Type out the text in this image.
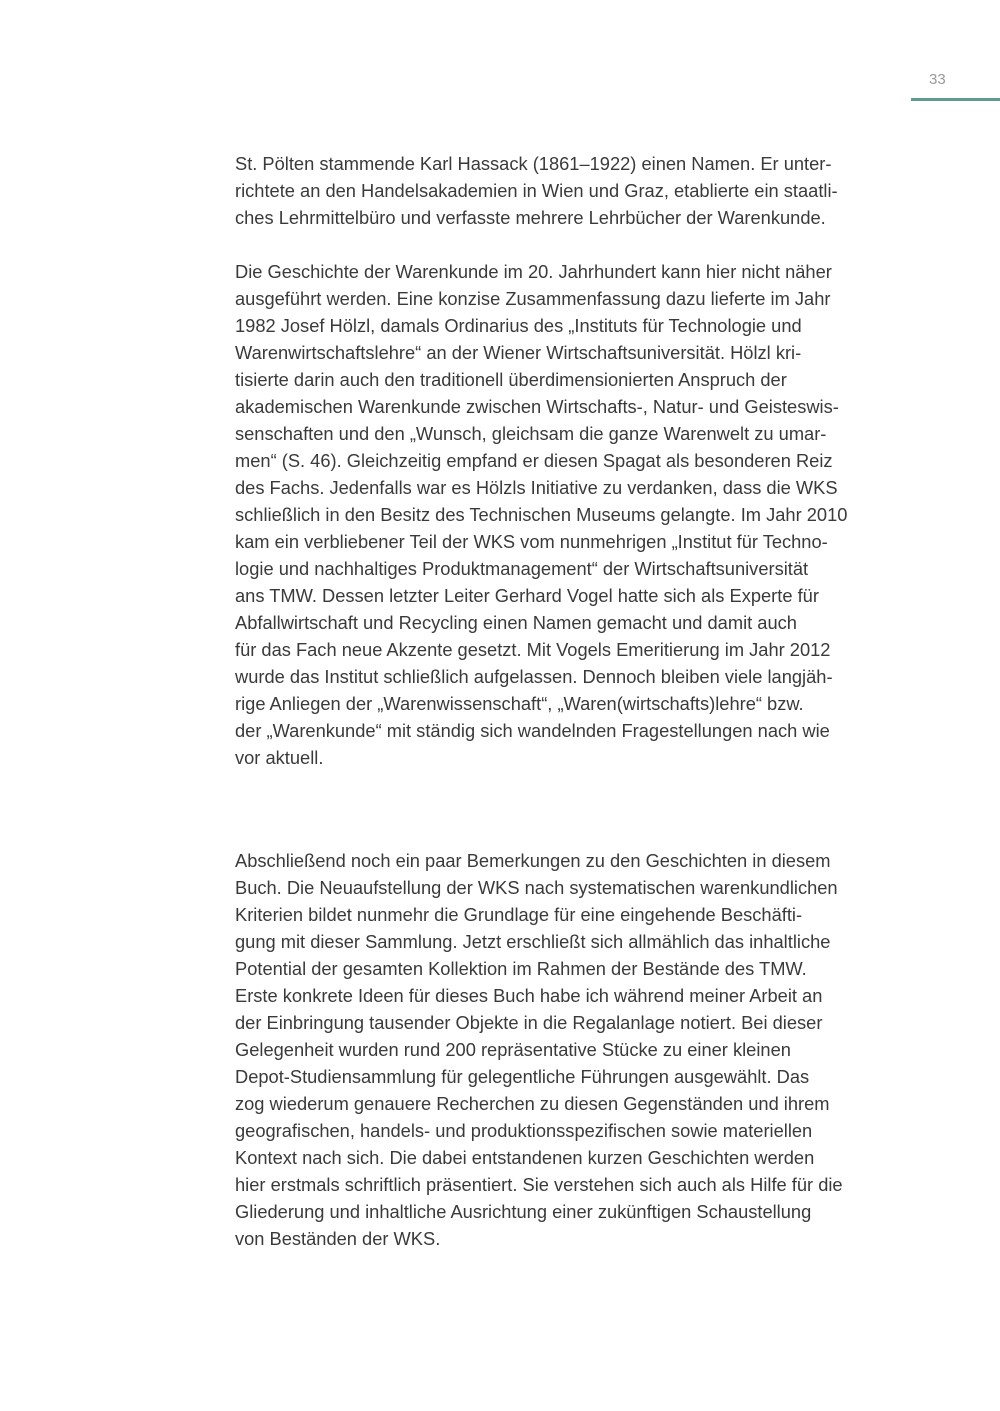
33
St. Pölten stammende Karl Hassack (1861–1922) einen Namen. Er unter-
richtete an den Handelsakademien in Wien und Graz, etablierte ein staatli-
ches Lehrmittelbüro und verfasste mehrere Lehrbücher der Warenkunde.
Die Geschichte der Warenkunde im 20. Jahrhundert kann hier nicht näher
ausgeführt werden. Eine konzise Zusammenfassung dazu lieferte im Jahr
1982 Josef Hölzl, damals Ordinarius des „Instituts für Technologie und
Warenwirtschaftslehre“ an der Wiener Wirtschaftsuniversität. Hölzl kri-
tisierte darin auch den traditionell überdimensionierten Anspruch der
akademischen Warenkunde zwischen Wirtschafts-, Natur- und Geisteswis-
senschaften und den „Wunsch, gleichsam die ganze Warenwelt zu umar-
men“ (S. 46). Gleichzeitig empfand er diesen Spagat als besonderen Reiz
des Fachs. Jedenfalls war es Hölzls Initiative zu verdanken, dass die WKS
schließlich in den Besitz des Technischen Museums gelangte. Im Jahr 2010
kam ein verbliebener Teil der WKS vom nunmehrigen „Institut für Techno-
logie und nachhaltiges Produktmanagement“ der Wirtschaftsuniversität
ans TMW. Dessen letzter Leiter Gerhard Vogel hatte sich als Experte für
Abfallwirtschaft und Recycling einen Namen gemacht und damit auch
für das Fach neue Akzente gesetzt. Mit Vogels Emeritierung im Jahr 2012
wurde das Institut schließlich aufgelassen. Dennoch bleiben viele langjäh-
rige Anliegen der „Warenwissenschaft“, „Waren(wirtschafts)lehre“ bzw.
der „Warenkunde“ mit ständig sich wandelnden Fragestellungen nach wie
vor aktuell.
Abschließend noch ein paar Bemerkungen zu den Geschichten in diesem
Buch. Die Neuaufstellung der WKS nach systematischen warenkundlichen
Kriterien bildet nunmehr die Grundlage für eine eingehende Beschäfti-
gung mit dieser Sammlung. Jetzt erschließt sich allmählich das inhaltliche
Potential der gesamten Kollektion im Rahmen der Bestände des TMW.
Erste konkrete Ideen für dieses Buch habe ich während meiner Arbeit an
der Einbringung tausender Objekte in die Regalanlage notiert. Bei dieser
Gelegenheit wurden rund 200 repräsentative Stücke zu einer kleinen
Depot-Studiensammlung für gelegentliche Führungen ausgewählt. Das
zog wiederum genauere Recherchen zu diesen Gegenständen und ihrem
geografischen, handels- und produktionsspezifischen sowie materiellen
Kontext nach sich. Die dabei entstandenen kurzen Geschichten werden
hier erstmals schriftlich präsentiert. Sie verstehen sich auch als Hilfe für die
Gliederung und inhaltliche Ausrichtung einer zukünftigen Schaustellung
von Beständen der WKS.
